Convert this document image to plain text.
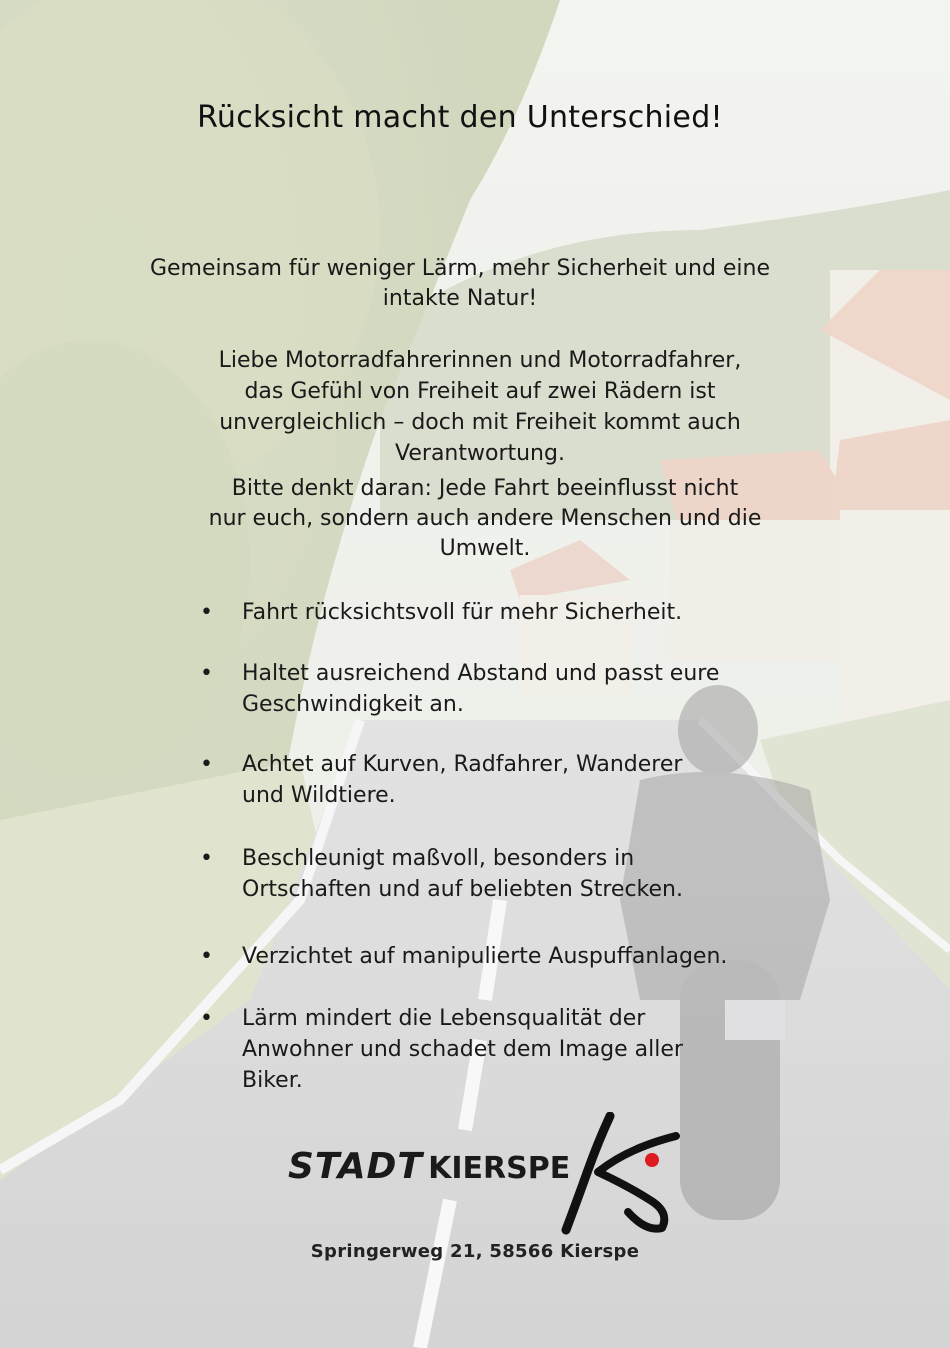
Rücksicht macht den Unterschied!
Gemeinsam für weniger Lärm, mehr Sicherheit und eine
intakte Natur!
Liebe Motorradfahrerinnen und Motorradfahrer,
das Gefühl von Freiheit auf zwei Rädern ist
unvergleichlich – doch mit Freiheit kommt auch
Verantwortung.
Bitte denkt daran: Jede Fahrt beeinflusst nicht
nur euch, sondern auch andere Menschen und die
Umwelt.
•	Fahrt rücksichtsvoll für mehr Sicherheit.
•	Haltet ausreichend Abstand und passt eure
Geschwindigkeit an.
•	Achtet auf Kurven, Radfahrer, Wanderer
und Wildtiere.
•	Beschleunigt maßvoll, besonders in
Ortschaften und auf beliebten Strecken.
•	Verzichtet auf manipulierte Auspuffanlagen.
•	Lärm mindert die Lebensqualität der
Anwohner und schadet dem Image aller
Biker.
STADT KIERSPE
Springerweg 21, 58566 Kierspe
